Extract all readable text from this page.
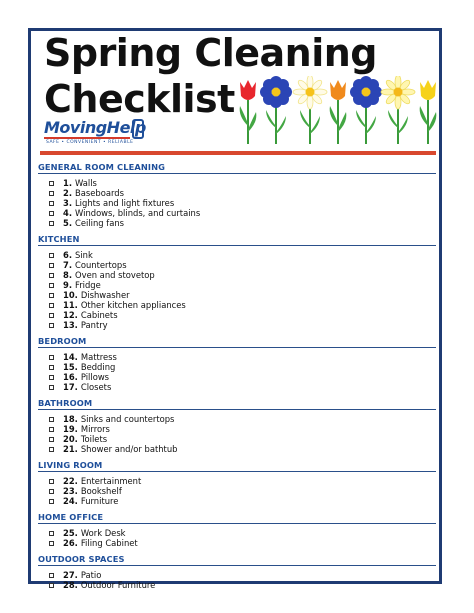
Spring Cleaning
Checklist
MovingHelp
SAFE • CONVENIENT • RELIABLE
GENERAL ROOM CLEANING
1. Walls
2. Baseboards
3. Lights and light fixtures
4. Windows, blinds, and curtains
5. Ceiling fans
KITCHEN
6. Sink
7. Countertops
8. Oven and stovetop
9. Fridge
10. Dishwasher
11. Other kitchen appliances
12. Cabinets
13. Pantry
BEDROOM
14. Mattress
15. Bedding
16. Pillows
17. Closets
BATHROOM
18. Sinks and countertops
19. Mirrors
20. Toilets
21. Shower and/or bathtub
LIVING ROOM
22. Entertainment
23. Bookshelf
24. Furniture
HOME OFFICE
25. Work Desk
26. Filing Cabinet
OUTDOOR SPACES
27. Patio
28. Outdoor Furniture
